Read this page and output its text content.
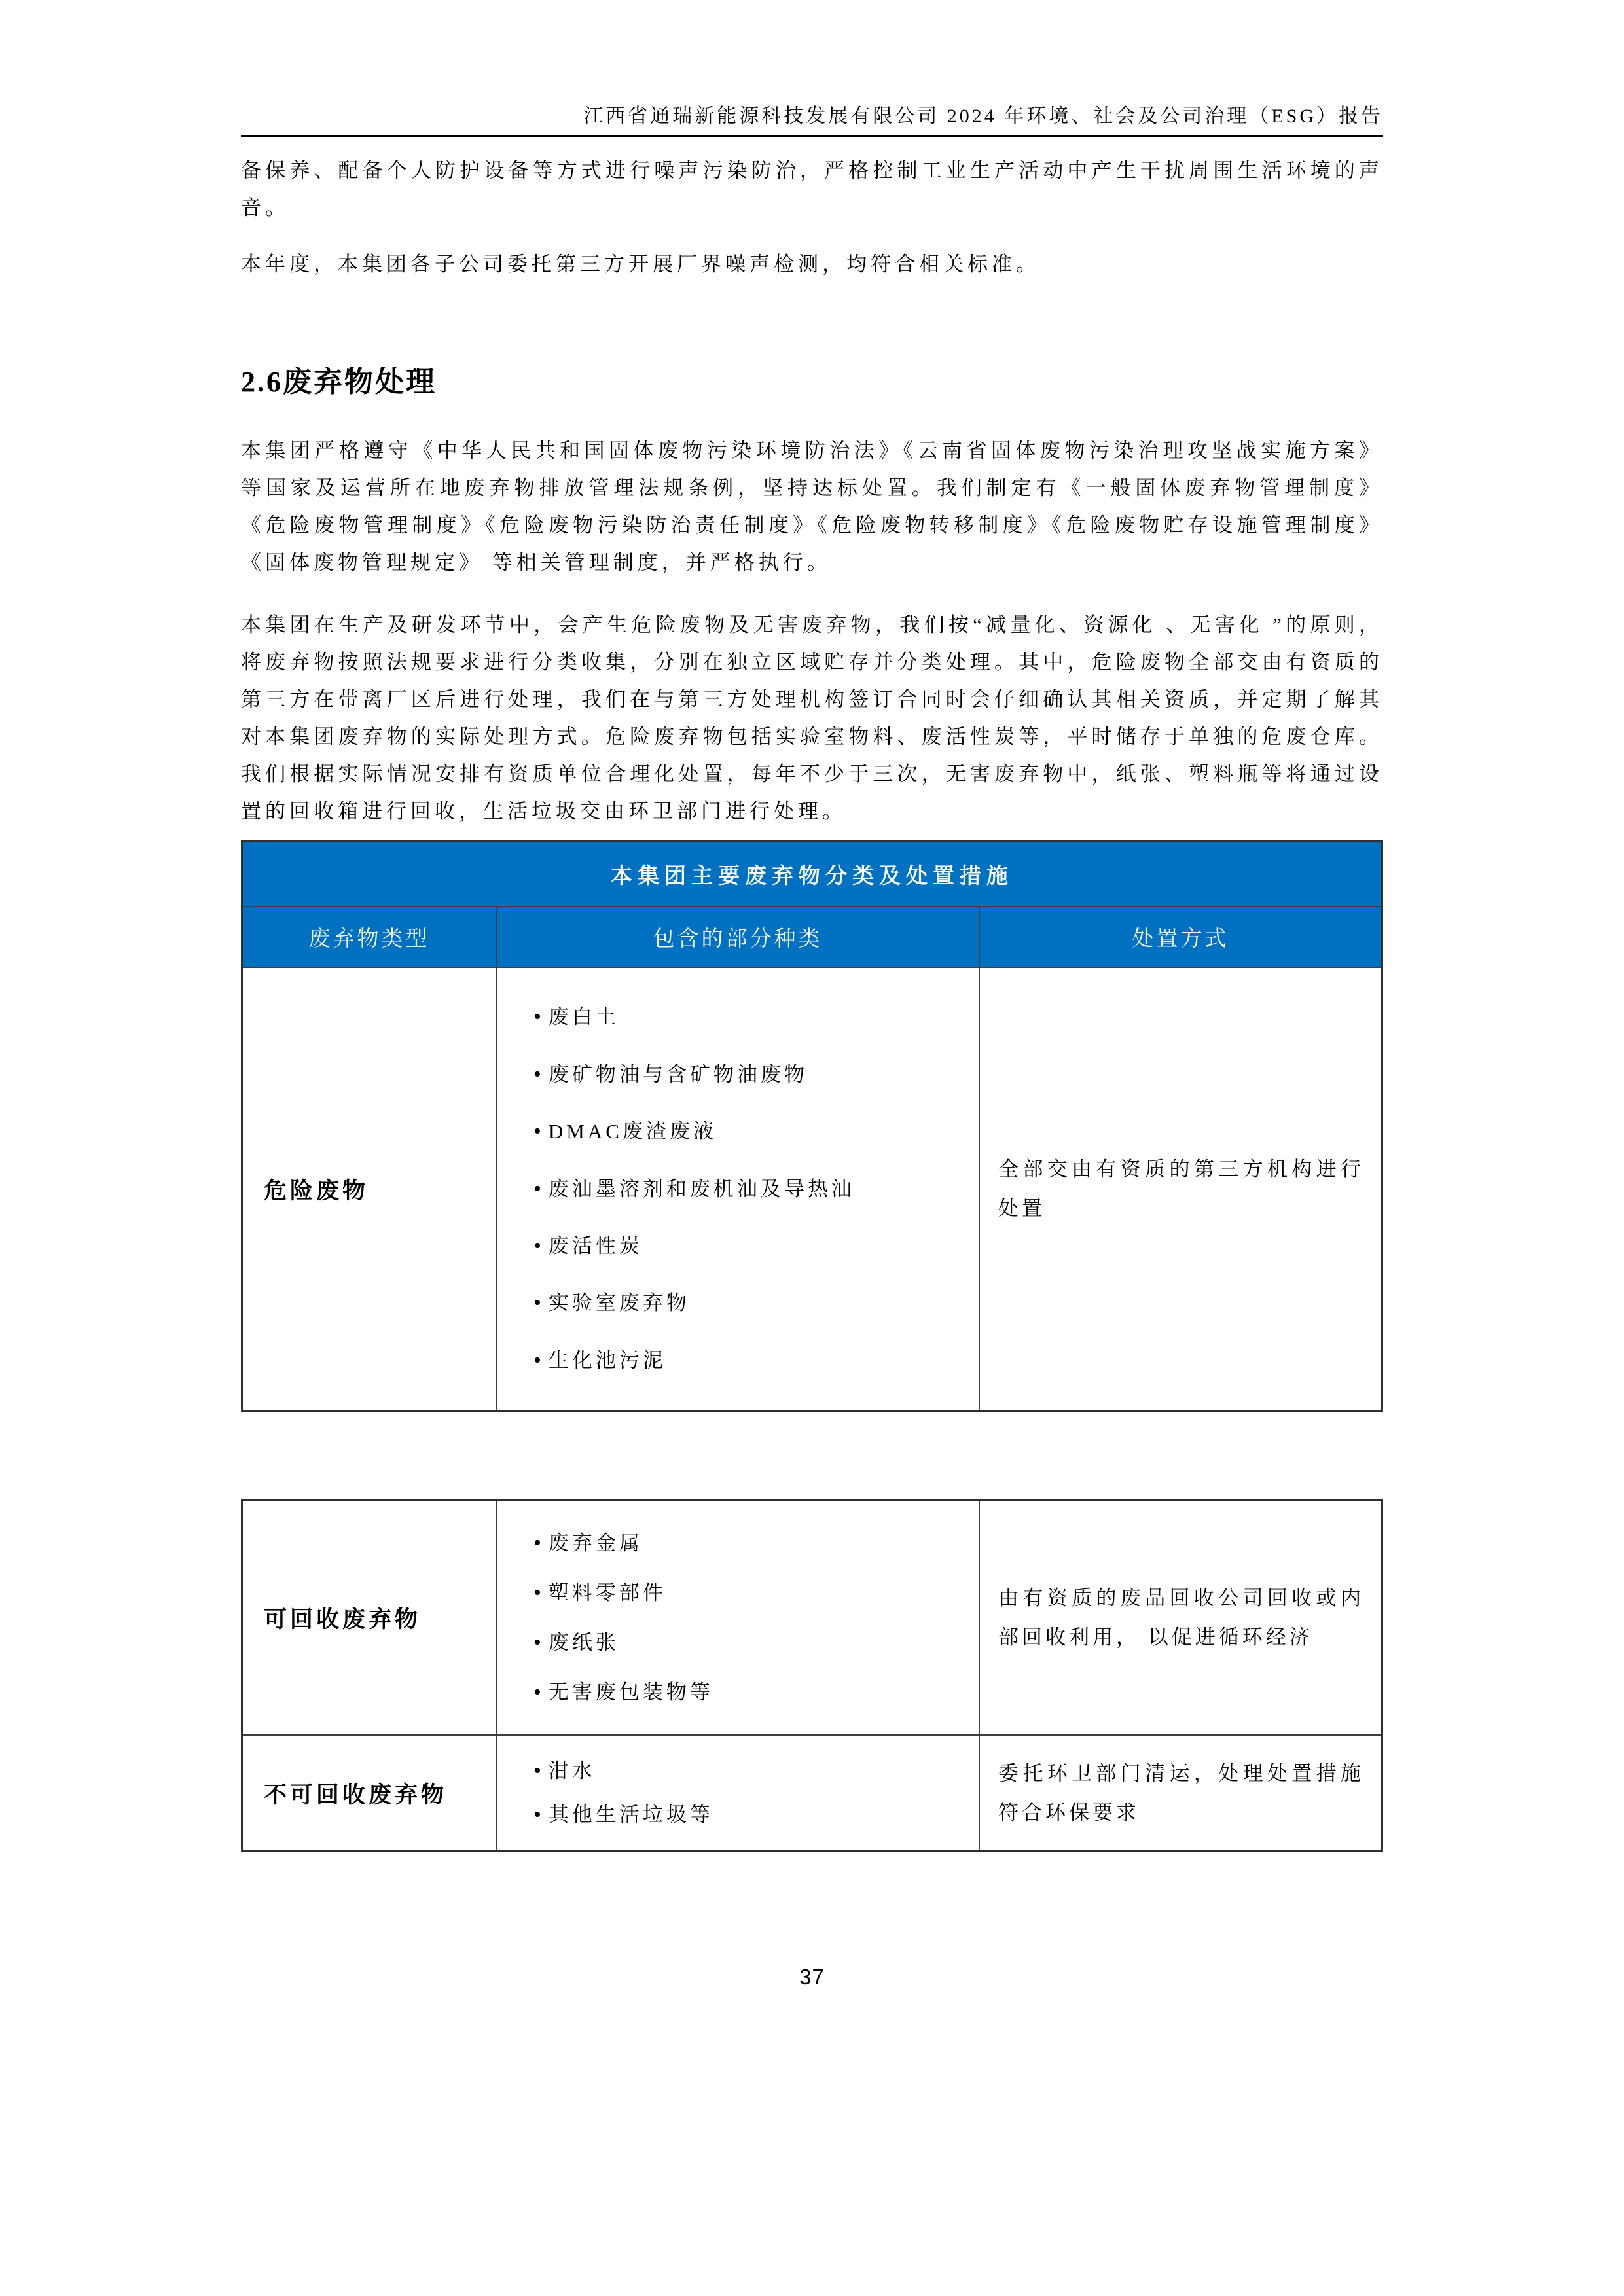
江西省通瑞新能源科技发展有限公司 2024 年环境、社会及公司治理（ESG）报告

备保养、配备个人防护设备等方式进行噪声污染防治，严格控制工业生产活动中产生干扰周围生活环境的声音。

本年度，本集团各子公司委托第三方开展厂界噪声检测，均符合相关标准。

2.6废弃物处理

本集团严格遵守《中华人民共和国固体废物污染环境防治法》《云南省固体废物污染治理攻坚战实施方案》 等国家及运营所在地废弃物排放管理法规条例，坚持达标处置。我们制定有《一般固体废弃物管理制度》《危险废物管理制度》《危险废物污染防治责任制度》《危险废物转移制度》《危险废物贮存设施管理制度》《固体废物管理规定》 等相关管理制度，并严格执行。

本集团在生产及研发环节中，会产生危险废物及无害废弃物，我们按“减量化、资源化 、无害化 ”的原则，将废弃物按照法规要求进行分类收集，分别在独立区域贮存并分类处理。其中，危险废物全部交由有资质的第三方在带离厂区后进行处理，我们在与第三方处理机构签订合同时会仔细确认其相关资质，并定期了解其对本集团废弃物的实际处理方式。危险废弃物包括实验室物料、废活性炭等，平时储存于单独的危废仓库。我们根据实际情况安排有资质单位合理化处置，每年不少于三次，无害废弃物中，纸张、塑料瓶等将通过设置的回收箱进行回收，生活垃圾交由环卫部门进行处理。

本集团主要废弃物分类及处置措施
废弃物类型	包含的部分种类	处置方式
危险废物
• 废白土
• 废矿物油与含矿物油废物
• DMAC废渣废液
• 废油墨溶剂和废机油及导热油
• 废活性炭
• 实验室废弃物
• 生化池污泥
全部交由有资质的第三方机构进行处置
可回收废弃物
• 废弃金属
• 塑料零部件
• 废纸张
• 无害废包装物等
由有资质的废品回收公司回收或内部回收利用， 以促进循环经济
不可回收废弃物
• 泔水
• 其他生活垃圾等
委托环卫部门清运，处理处置措施符合环保要求
37
